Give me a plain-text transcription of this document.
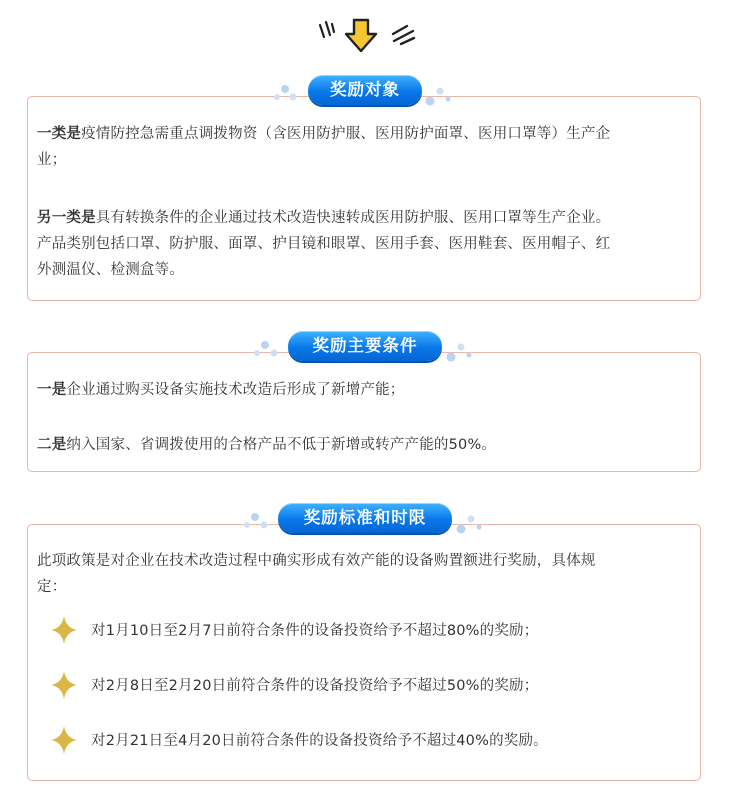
奖励对象

一类是疫情防控急需重点调拨物资（含医用防护服、医用防护面罩、医用口罩等）生产企
业；

另一类是具有转换条件的企业通过技术改造快速转成医用防护服、医用口罩等生产企业。
产品类别包括口罩、防护服、面罩、护目镜和眼罩、医用手套、医用鞋套、医用帽子、红
外测温仪、检测盒等。

奖励主要条件

一是企业通过购买设备实施技术改造后形成了新增产能；

二是纳入国家、省调拨使用的合格产品不低于新增或转产产能的50%。

奖励标准和时限

此项政策是对企业在技术改造过程中确实形成有效产能的设备购置额进行奖励，具体规
定：

对1月10日至2月7日前符合条件的设备投资给予不超过80%的奖励；
对2月8日至2月20日前符合条件的设备投资给予不超过50%的奖励；
对2月21日至4月20日前符合条件的设备投资给予不超过40%的奖励。
